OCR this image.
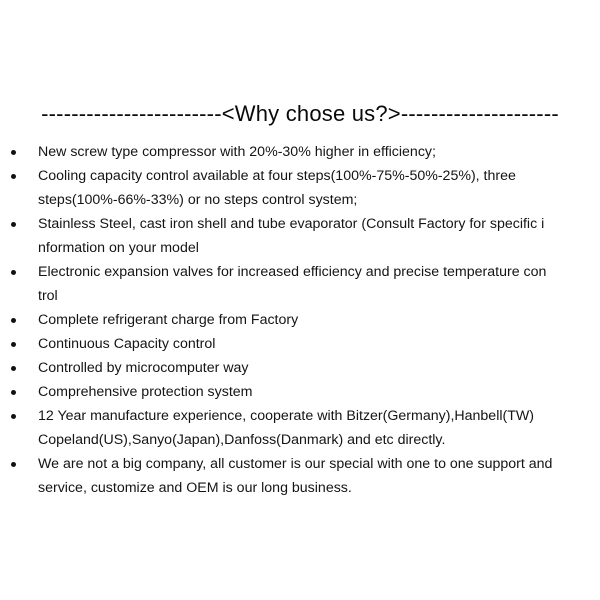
------------------------<Why chose us?>---------------------
New screw type compressor with 20%-30% higher in efficiency;
Cooling capacity control available at four steps(100%-75%-50%-25%), three
steps(100%-66%-33%) or no steps control system;
Stainless Steel, cast iron shell and tube evaporator (Consult Factory for specific i
nformation on your model
Electronic expansion valves for increased efficiency and precise temperature con
trol
Complete refrigerant charge from Factory
Continuous Capacity control
Controlled by microcomputer way
Comprehensive protection system
12 Year manufacture experience, cooperate with Bitzer(Germany),Hanbell(TW)
Copeland(US),Sanyo(Japan),Danfoss(Danmark) and etc directly.
We are not a big company, all customer is our special with one to one support and
service, customize and OEM is our long business.
